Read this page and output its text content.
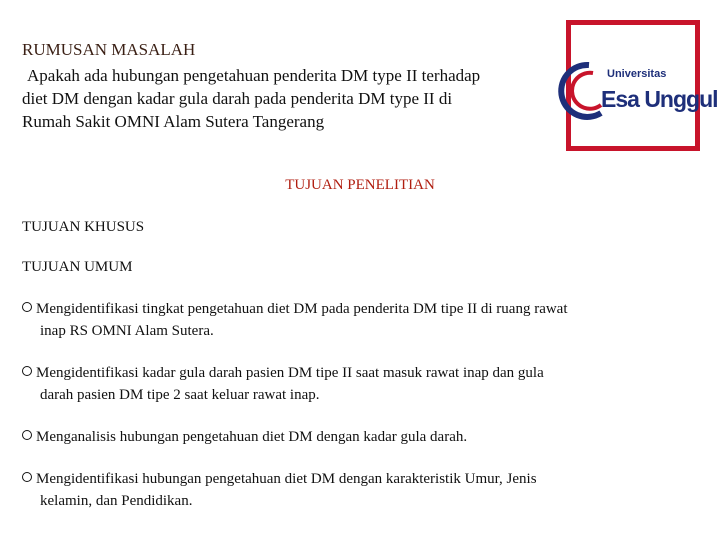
RUMUSAN MASALAH
Apakah ada hubungan pengetahuan penderita DM type II terhadap
diet DM dengan kadar gula darah pada penderita DM type II di
Rumah Sakit OMNI Alam Sutera Tangerang
Universitas
Esa Unggul
TUJUAN PENELITIAN
TUJUAN KHUSUS
TUJUAN UMUM
Mengidentifikasi tingkat pengetahuan diet DM pada penderita DM tipe II di ruang rawat
inap RS OMNI Alam Sutera.
Mengidentifikasi kadar gula darah pasien DM tipe II saat masuk rawat inap dan gula
darah pasien DM tipe 2 saat keluar rawat inap.
Menganalisis hubungan pengetahuan diet DM dengan kadar gula darah.
Mengidentifikasi hubungan pengetahuan diet DM dengan karakteristik Umur, Jenis
kelamin, dan Pendidikan.
